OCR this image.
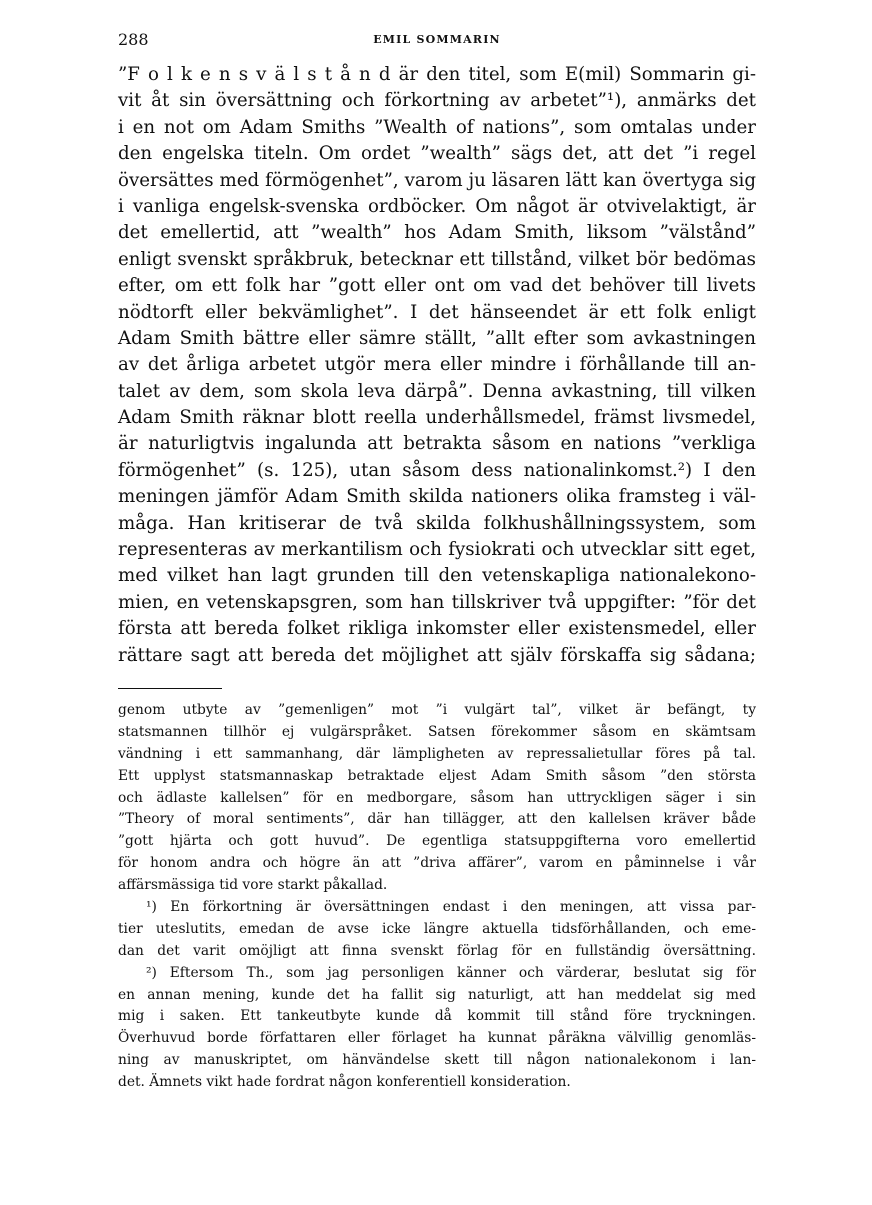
288	EMIL SOMMARIN
”F o l k e n s v ä l s t å n d är den titel, som E(mil) Sommarin gi-
vit åt sin översättning och förkortning av arbetet”¹), anmärks det
i en not om Adam Smiths ”Wealth of nations”, som omtalas under
den engelska titeln. Om ordet ”wealth” sägs det, att det ”i regel
översättes med förmögenhet”, varom ju läsaren lätt kan övertyga sig
i vanliga engelsk-svenska ordböcker. Om något är otvivelaktigt, är
det emellertid, att ”wealth” hos Adam Smith, liksom ”välstånd”
enligt svenskt språkbruk, betecknar ett tillstånd, vilket bör bedömas
efter, om ett folk har ”gott eller ont om vad det behöver till livets
nödtorft eller bekvämlighet”. I det hänseendet är ett folk enligt
Adam Smith bättre eller sämre ställt, ”allt efter som avkastningen
av det årliga arbetet utgör mera eller mindre i förhållande till an-
talet av dem, som skola leva därpå”. Denna avkastning, till vilken
Adam Smith räknar blott reella underhållsmedel, främst livsmedel,
är naturligtvis ingalunda att betrakta såsom en nations ”verkliga
förmögenhet” (s. 125), utan såsom dess nationalinkomst.²) I den
meningen jämför Adam Smith skilda nationers olika framsteg i väl-
måga. Han kritiserar de två skilda folkhushållningssystem, som
representeras av merkantilism och fysiokrati och utvecklar sitt eget,
med vilket han lagt grunden till den vetenskapliga nationalekono-
mien, en vetenskapsgren, som han tillskriver två uppgifter: ”för det
första att bereda folket rikliga inkomster eller existensmedel, eller
rättare sagt att bereda det möjlighet att själv förskaffa sig sådana;
genom utbyte av ”gemenligen” mot ”i vulgärt tal”, vilket är befängt, ty
statsmannen tillhör ej vulgärspråket. Satsen förekommer såsom en skämtsam
vändning i ett sammanhang, där lämpligheten av repressalietullar föres på tal.
Ett upplyst statsmannaskap betraktade eljest Adam Smith såsom ”den största
och ädlaste kallelsen” för en medborgare, såsom han uttryckligen säger i sin
”Theory of moral sentiments”, där han tillägger, att den kallelsen kräver både
”gott hjärta och gott huvud”. De egentliga statsuppgifterna voro emellertid
för honom andra och högre än att ”driva affärer”, varom en påminnelse i vår
affärsmässiga tid vore starkt påkallad.
¹) En förkortning är översättningen endast i den meningen, att vissa par-
tier uteslutits, emedan de avse icke längre aktuella tidsförhållanden, och eme-
dan det varit omöjligt att finna svenskt förlag för en fullständig översättning.
²) Eftersom Th., som jag personligen känner och värderar, beslutat sig för
en annan mening, kunde det ha fallit sig naturligt, att han meddelat sig med
mig i saken. Ett tankeutbyte kunde då kommit till stånd före tryckningen.
Överhuvud borde författaren eller förlaget ha kunnat påräkna välvillig genomläs-
ning av manuskriptet, om hänvändelse skett till någon nationalekonom i lan-
det. Ämnets vikt hade fordrat någon konferentiell konsideration.
